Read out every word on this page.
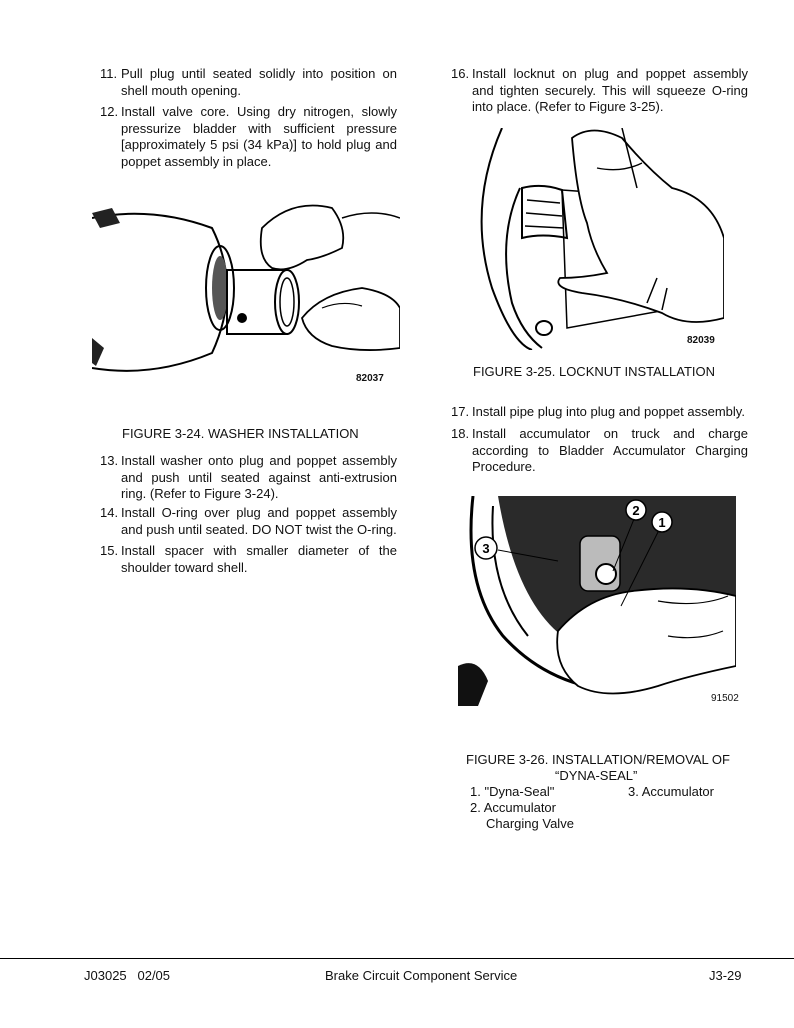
11. Pull plug until seated solidly into position on shell mouth opening.
12. Install valve core. Using dry nitrogen, slowly pressurize bladder with sufficient pressure [approximately 5 psi (34 kPa)] to hold plug and poppet assembly in place.
82037
FIGURE 3-24. WASHER INSTALLATION
13. Install washer onto plug and poppet assembly and push until seated against anti-extrusion ring. (Refer to Figure 3-24).
14. Install O-ring over plug and poppet assembly and push until seated. DO NOT twist the O-ring.
15. Install spacer with smaller diameter of the shoulder toward shell.
16. Install locknut on plug and poppet assembly and tighten securely. This will squeeze O-ring into place. (Refer to Figure 3-25).
82039
FIGURE 3-25. LOCKNUT INSTALLATION
17. Install pipe plug into plug and poppet assembly.
18. Install accumulator on truck and charge according to Bladder Accumulator Charging Procedure.
3
2
1
91502
FIGURE 3-26. INSTALLATION/REMOVAL OF
“DYNA-SEAL”
1. "Dyna-Seal"	3. Accumulator
2. Accumulator
Charging Valve
J03025   02/05	Brake Circuit Component Service	J3-29
